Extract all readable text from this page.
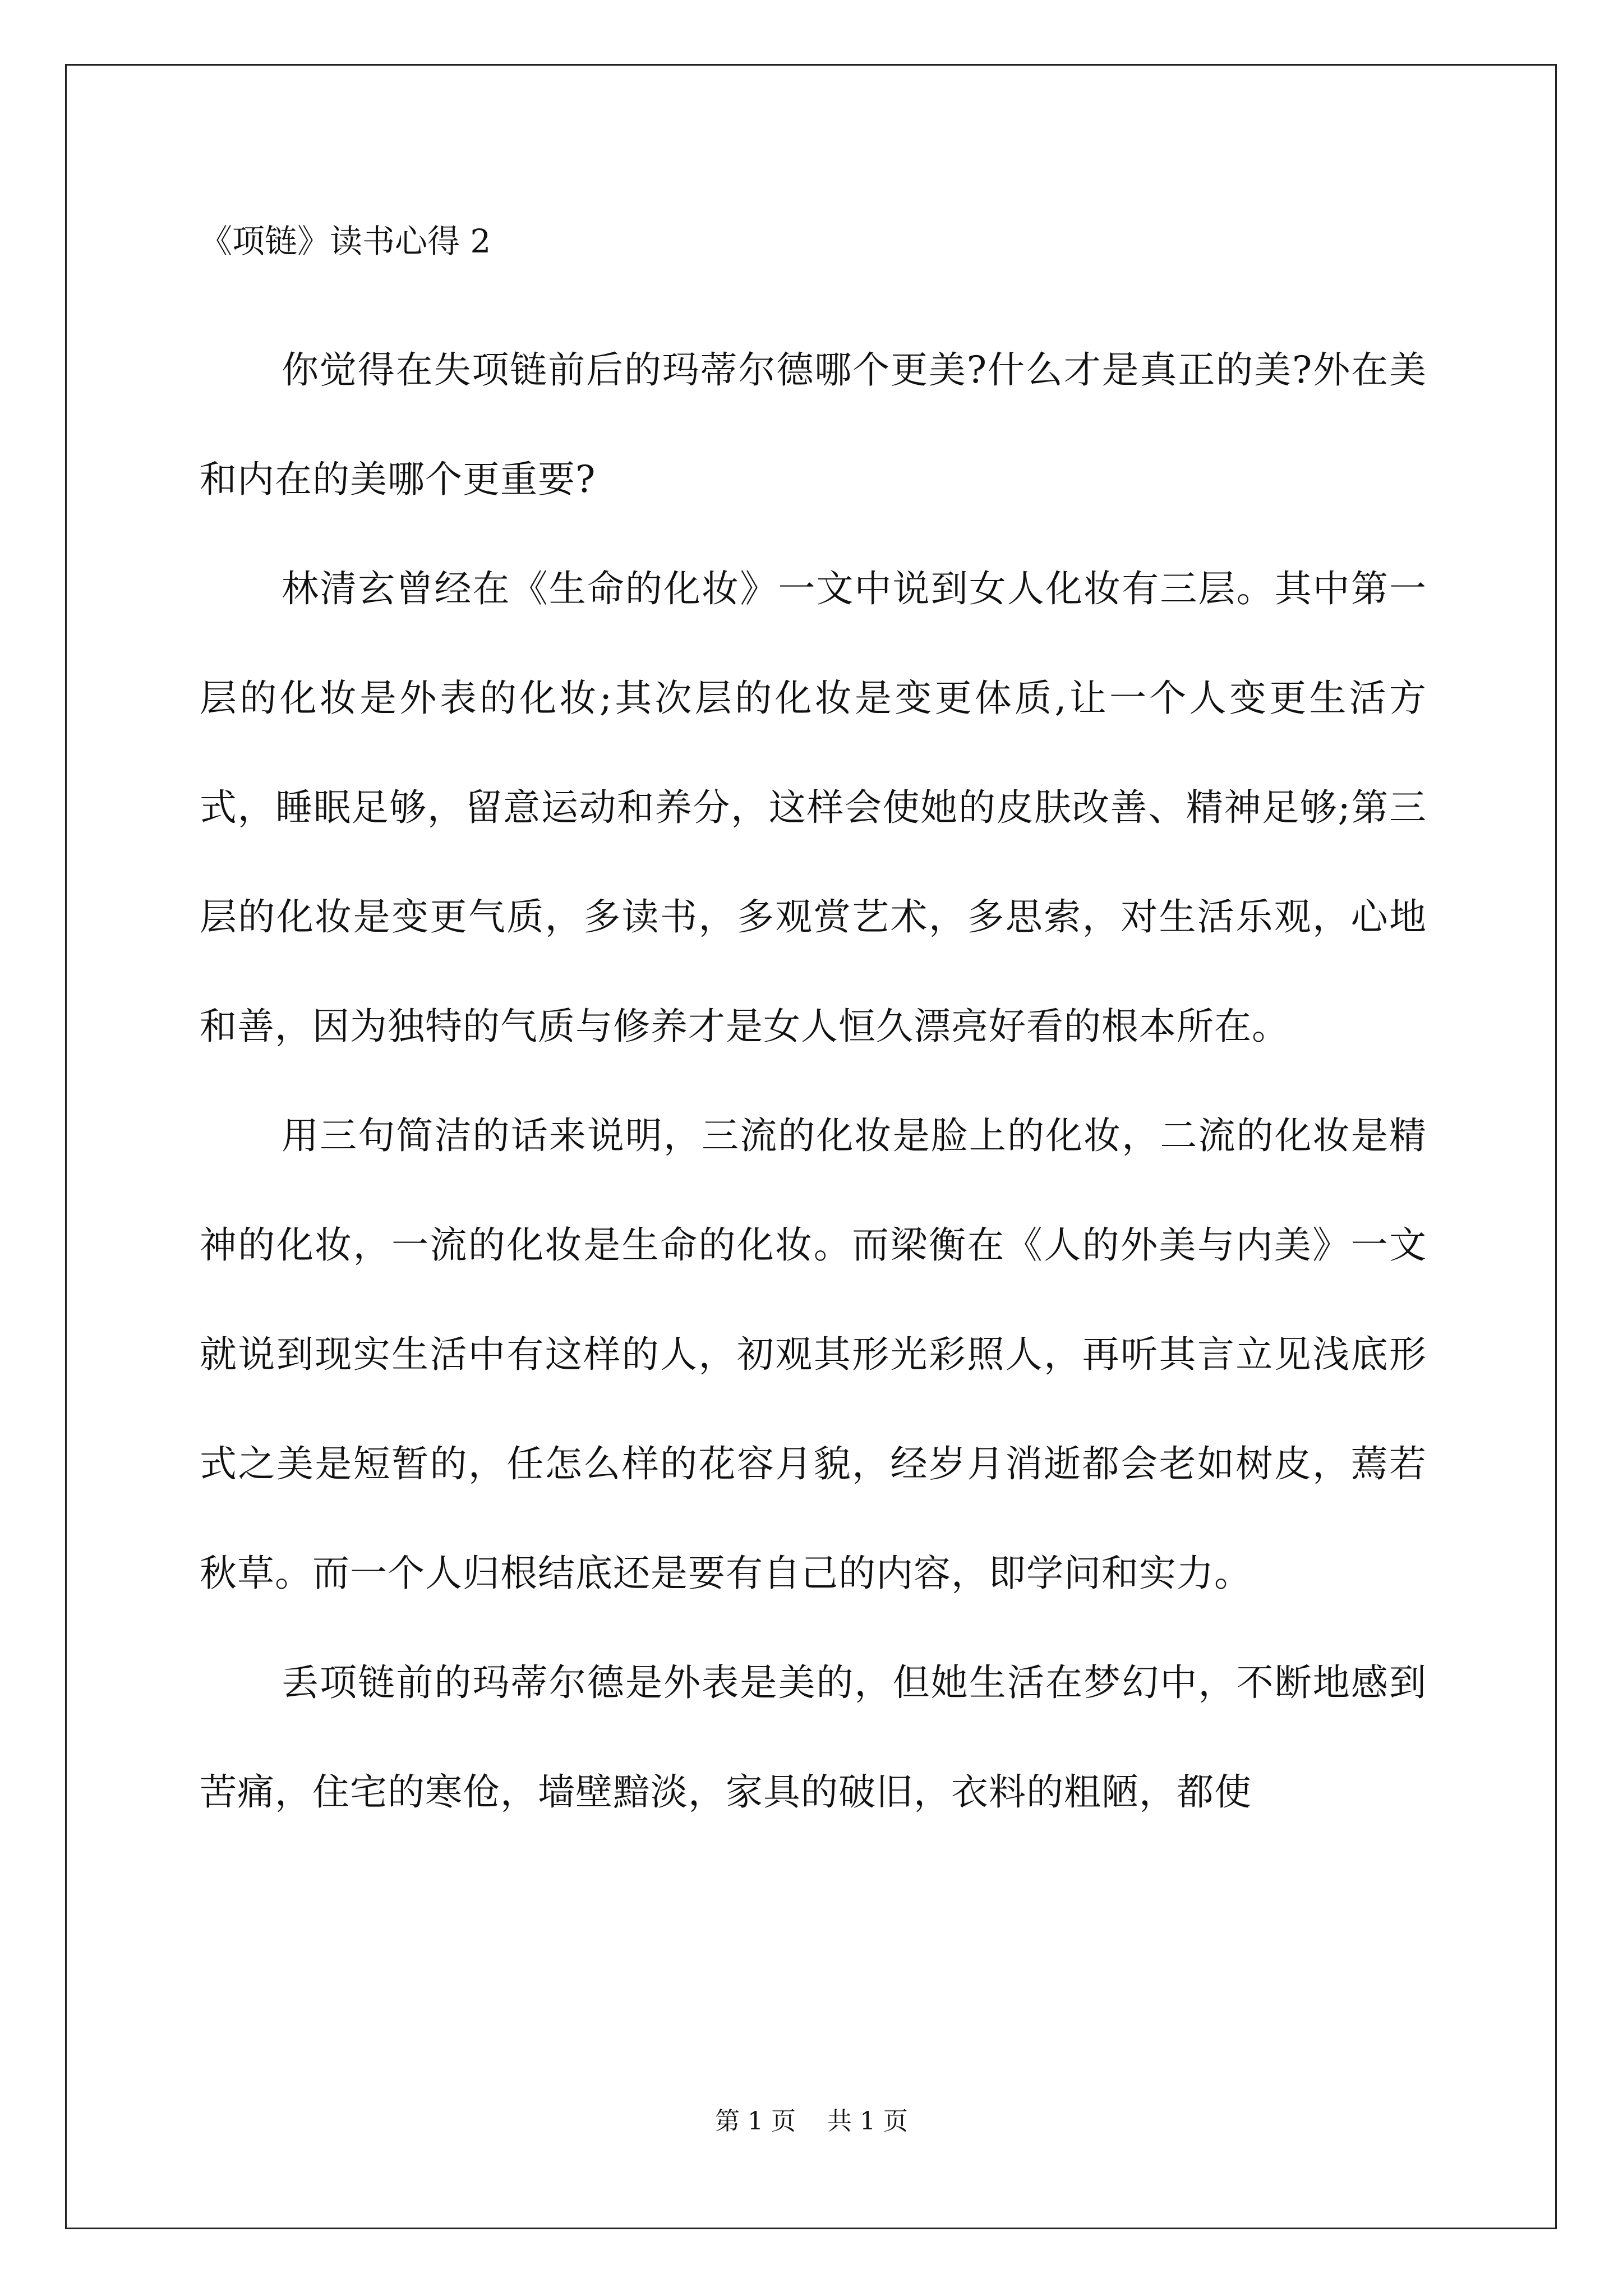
《项链》读书心得 2

你觉得在失项链前后的玛蒂尔德哪个更美?什么才是真正的美?外在美和内在的美哪个更重要?

林清玄曾经在《生命的化妆》一文中说到女人化妆有三层。其中第一层的化妆是外表的化妆;其次层的化妆是变更体质,让一个人变更生活方式，睡眠足够，留意运动和养分，这样会使她的皮肤改善、精神足够;第三层的化妆是变更气质，多读书，多观赏艺术，多思索，对生活乐观，心地和善，因为独特的气质与修养才是女人恒久漂亮好看的根本所在。

用三句简洁的话来说明，三流的化妆是脸上的化妆，二流的化妆是精神的化妆，一流的化妆是生命的化妆。而梁衡在《人的外美与内美》一文就说到现实生活中有这样的人，初观其形光彩照人，再听其言立见浅底形式之美是短暂的，任怎么样的花容月貌，经岁月消逝都会老如树皮，蔫若秋草。而一个人归根结底还是要有自己的内容，即学问和实力。

丢项链前的玛蒂尔德是外表是美的，但她生活在梦幻中，不断地感到苦痛，住宅的寒伧，墙壁黯淡，家具的破旧，衣料的粗陋，都使

第 1 页    共 1 页
